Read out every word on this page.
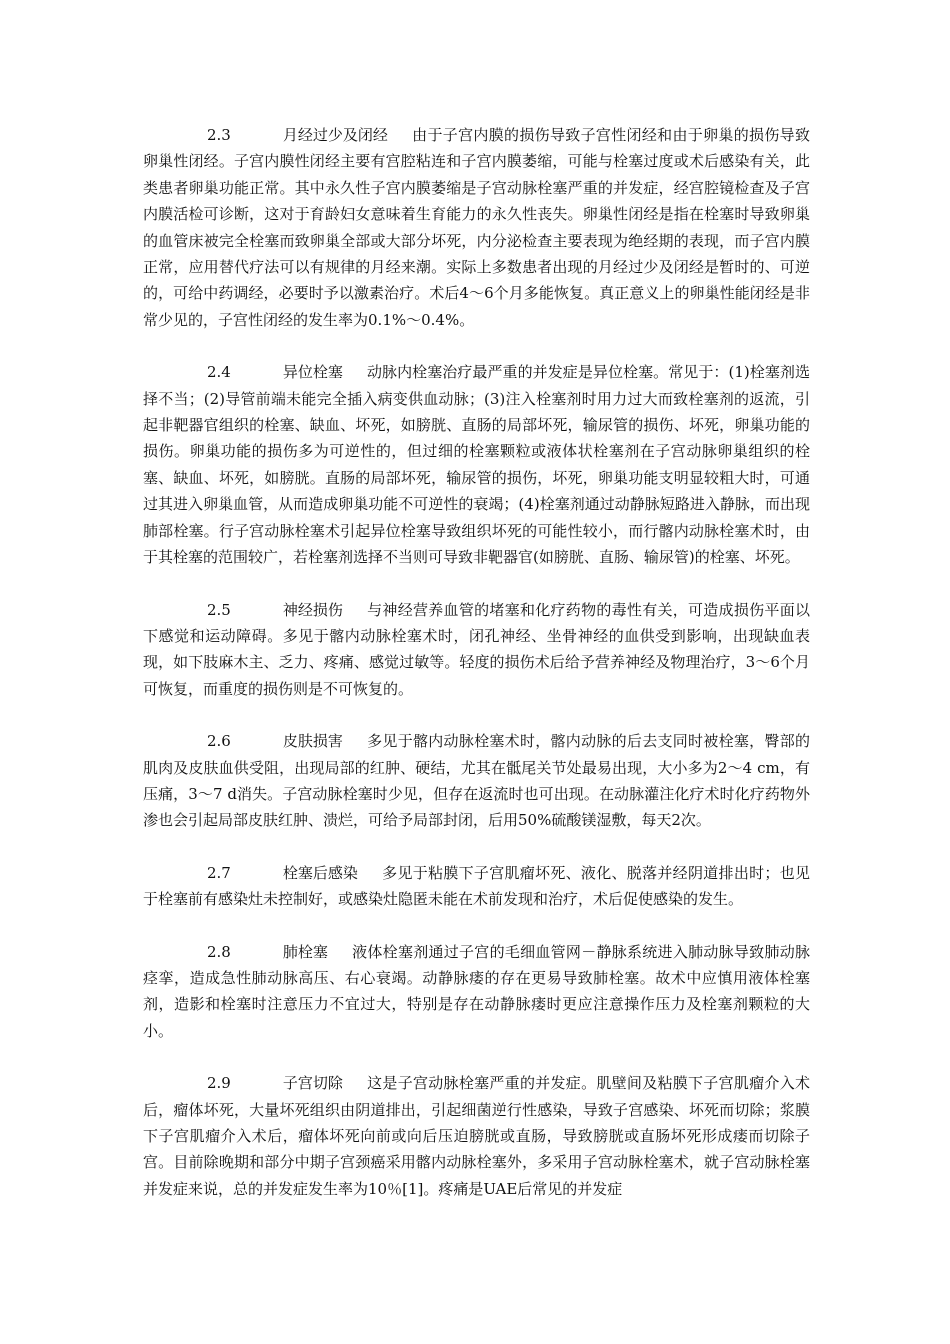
2.3	月经过少及闭经 由于子宫内膜的损伤导致子宫性闭经和由于卵巢的损伤导致卵巢性闭经。子宫内膜性闭经主要有宫腔粘连和子宫内膜萎缩，可能与栓塞过度或术后感染有关，此类患者卵巢功能正常。其中永久性子宫内膜萎缩是子宫动脉栓塞严重的并发症，经宫腔镜检查及子宫内膜活检可诊断，这对于育龄妇女意味着生育能力的永久性丧失。卵巢性闭经是指在栓塞时导致卵巢的血管床被完全栓塞而致卵巢全部或大部分坏死，内分泌检查主要表现为绝经期的表现，而子宫内膜正常，应用替代疗法可以有规律的月经来潮。实际上多数患者出现的月经过少及闭经是暂时的、可逆的，可给中药调经，必要时予以激素治疗。术后4～6个月多能恢复。真正意义上的卵巢性能闭经是非常少见的，子宫性闭经的发生率为0.1%～0.4%。

2.4	异位栓塞 动脉内栓塞治疗最严重的并发症是异位栓塞。常见于：(1)栓塞剂选择不当；(2)导管前端未能完全插入病变供血动脉；(3)注入栓塞剂时用力过大而致栓塞剂的返流，引起非靶器官组织的栓塞、缺血、坏死，如膀胱、直肠的局部坏死，输尿管的损伤、坏死，卵巢功能的损伤。卵巢功能的损伤多为可逆性的，但过细的栓塞颗粒或液体状栓塞剂在子宫动脉卵巢组织的栓塞、缺血、坏死，如膀胱。直肠的局部坏死，输尿管的损伤，坏死，卵巢功能支明显较粗大时，可通过其进入卵巢血管，从而造成卵巢功能不可逆性的衰竭；(4)栓塞剂通过动静脉短路进入静脉，而出现肺部栓塞。行子宫动脉栓塞术引起异位栓塞导致组织坏死的可能性较小，而行髂内动脉栓塞术时，由于其栓塞的范围较广，若栓塞剂选择不当则可导致非靶器官(如膀胱、直肠、输尿管)的栓塞、坏死。

2.5	神经损伤 与神经营养血管的堵塞和化疗药物的毒性有关，可造成损伤平面以下感觉和运动障碍。多见于髂内动脉栓塞术时，闭孔神经、坐骨神经的血供受到影响，出现缺血表现，如下肢麻木主、乏力、疼痛、感觉过敏等。轻度的损伤术后给予营养神经及物理治疗，3～6个月可恢复，而重度的损伤则是不可恢复的。

2.6	皮肤损害 多见于髂内动脉栓塞术时，髂内动脉的后去支同时被栓塞，臀部的肌肉及皮肤血供受阻，出现局部的红肿、硬结，尤其在骶尾关节处最易出现，大小多为2～4 cm，有压痛，3～7 d消失。子宫动脉栓塞时少见，但存在返流时也可出现。在动脉灌注化疗术时化疗药物外渗也会引起局部皮肤红肿、溃烂，可给予局部封闭，后用50%硫酸镁湿敷，每天2次。

2.7	栓塞后感染 多见于粘膜下子宫肌瘤坏死、液化、脱落并经阴道排出时；也见于栓塞前有感染灶未控制好，或感染灶隐匿未能在术前发现和治疗，术后促使感染的发生。

2.8	肺栓塞 液体栓塞剂通过子宫的毛细血管网－静脉系统进入肺动脉导致肺动脉痉挛，造成急性肺动脉高压、右心衰竭。动静脉瘘的存在更易导致肺栓塞。故术中应慎用液体栓塞剂，造影和栓塞时注意压力不宜过大，特别是存在动静脉瘘时更应注意操作压力及栓塞剂颗粒的大小。

2.9	子宫切除 这是子宫动脉栓塞严重的并发症。肌壁间及粘膜下子宫肌瘤介入术后，瘤体坏死，大量坏死组织由阴道排出，引起细菌逆行性感染，导致子宫感染、坏死而切除；浆膜下子宫肌瘤介入术后，瘤体坏死向前或向后压迫膀胱或直肠，导致膀胱或直肠坏死形成瘘而切除子宫。目前除晚期和部分中期子宫颈癌采用髂内动脉栓塞外，多采用子宫动脉栓塞术，就子宫动脉栓塞并发症来说，总的并发症发生率为10％[1]。疼痛是UAE后常见的并发症
